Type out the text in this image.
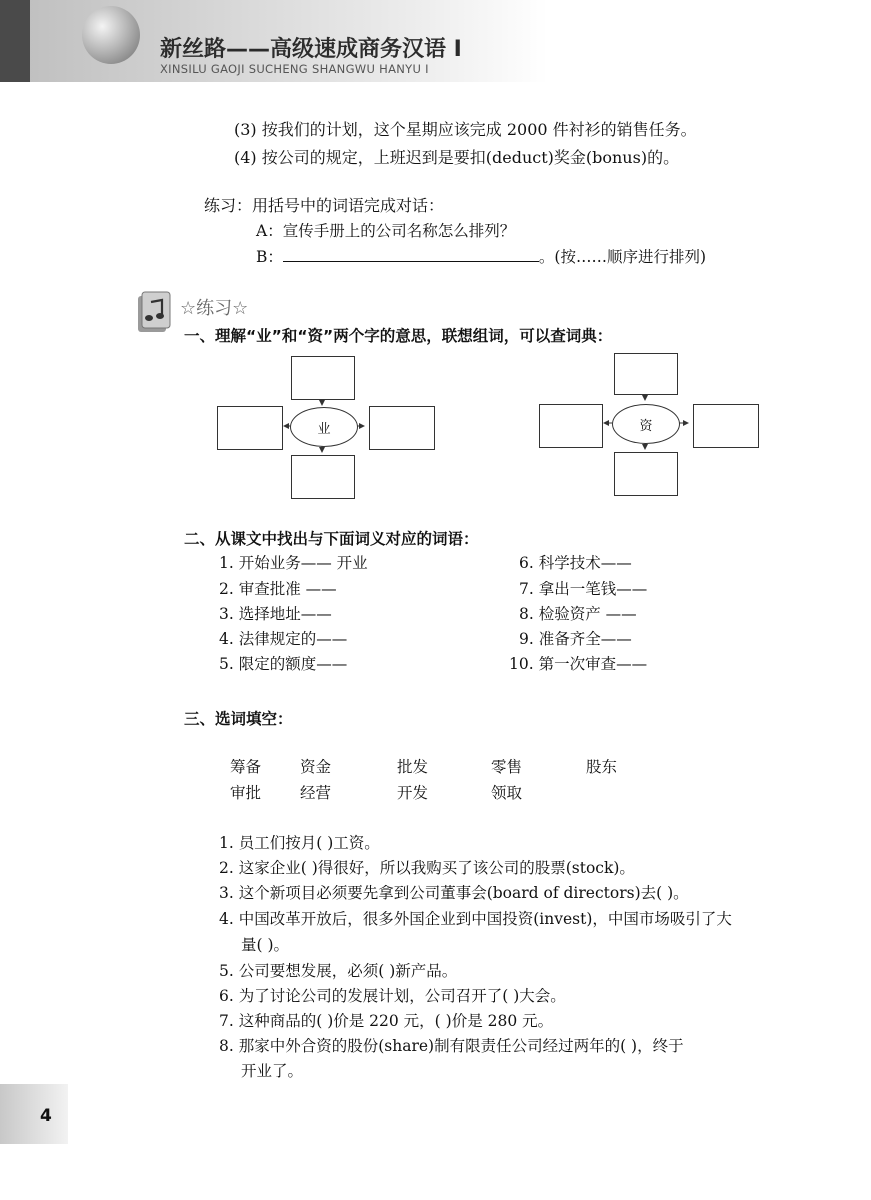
新丝路——高级速成商务汉语 I
XINSILU GAOJI SUCHENG SHANGWU HANYU I
(3) 按我们的计划，这个星期应该完成 2000 件衬衫的销售任务。
(4) 按公司的规定，上班迟到是要扣(deduct)奖金(bonus)的。
练习：用括号中的词语完成对话：
A：宣传手册上的公司名称怎么排列？
B：	。(按……顺序进行排列)
☆练习☆
一、理解“业”和“资”两个字的意思，联想组词，可以查词典：
业	资
二、从课文中找出与下面词义对应的词语：
1. 开始业务—— 开业
2. 审查批准 ——
3. 选择地址——
4. 法律规定的——
5. 限定的额度——
6. 科学技术——
7. 拿出一笔钱——
8. 检验资产 ——
9. 准备齐全——
10. 第一次审查——
三、选词填空：
筹备	资金	批发	零售	股东
审批	经营	开发	领取
1. 员工们按月( )工资。
2. 这家企业( )得很好，所以我购买了该公司的股票(stock)。
3. 这个新项目必须要先拿到公司董事会(board of directors)去( )。
4. 中国改革开放后，很多外国企业到中国投资(invest)，中国市场吸引了大
量( )。
5. 公司要想发展，必须( )新产品。
6. 为了讨论公司的发展计划，公司召开了( )大会。
7. 这种商品的( )价是 220 元，( )价是 280 元。
8. 那家中外合资的股份(share)制有限责任公司经过两年的( )，终于
开业了。
4
